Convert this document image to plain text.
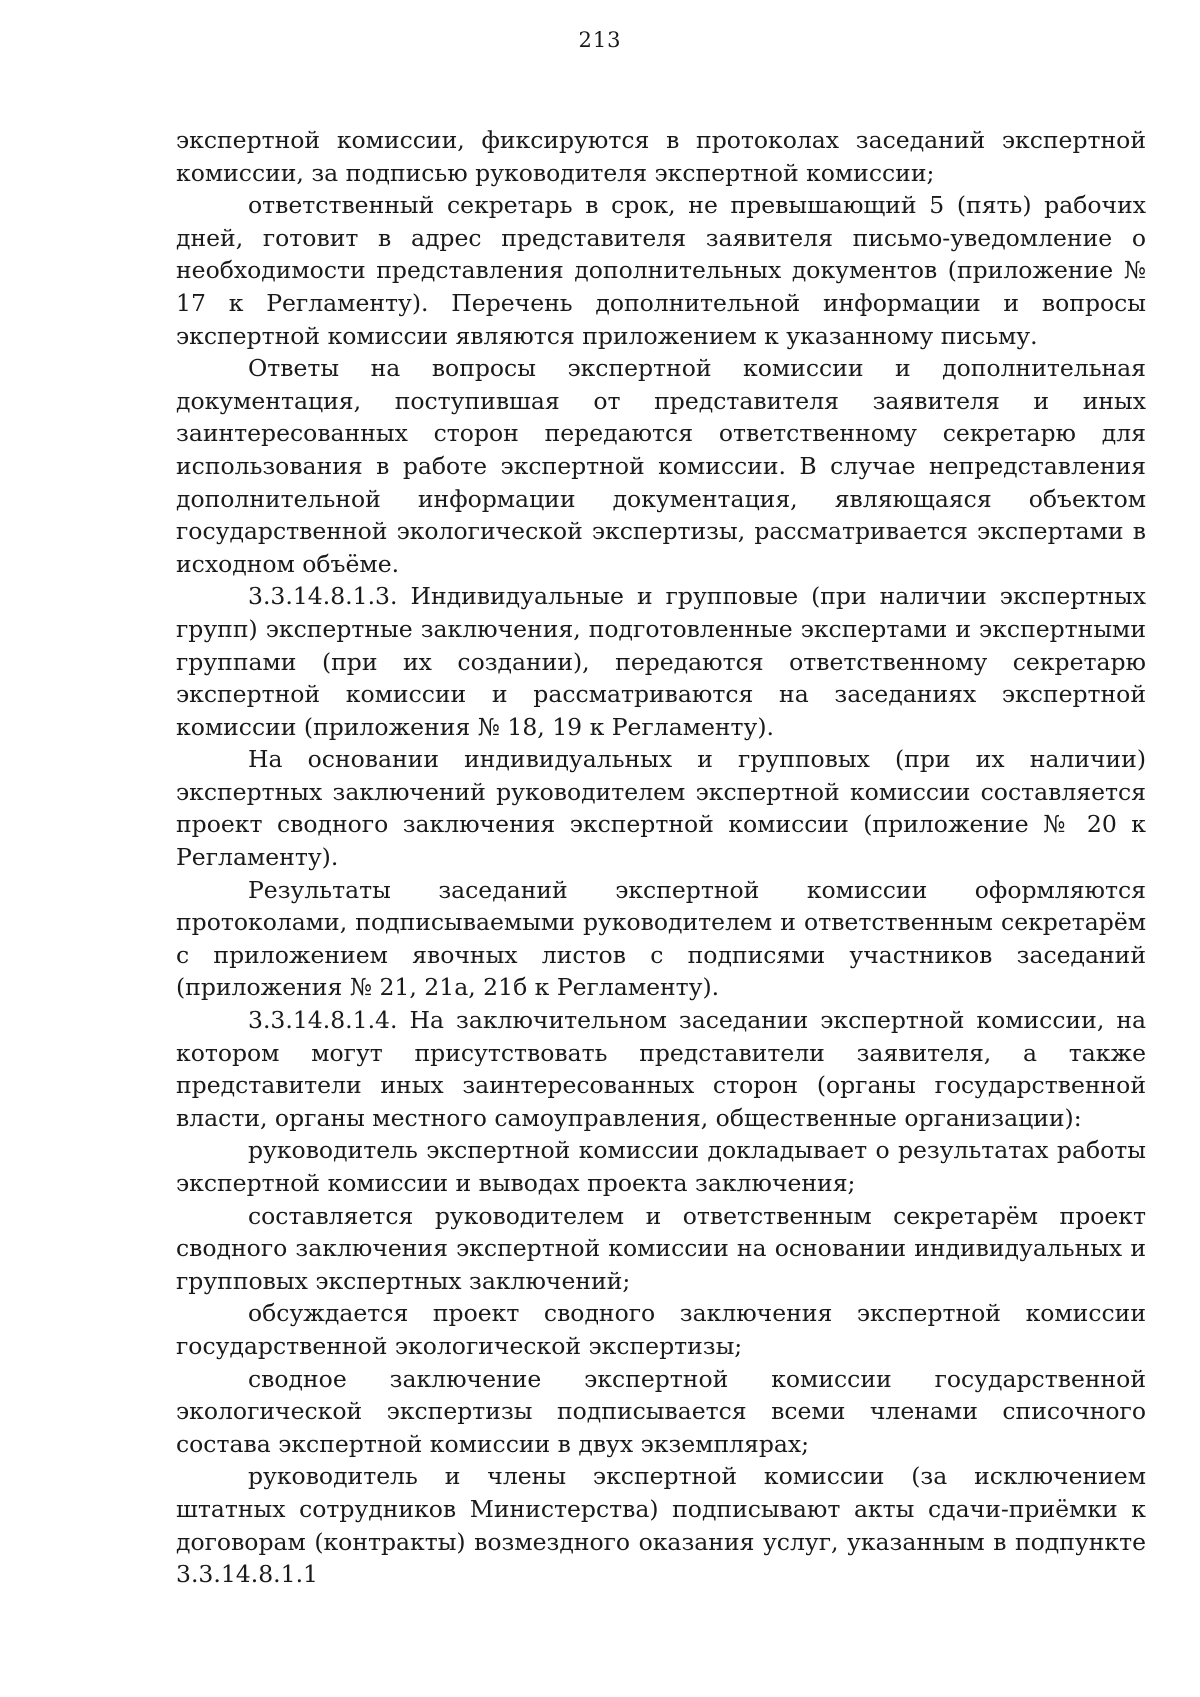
213

экспертной комиссии, фиксируются в протоколах заседаний экспертной комиссии, за подписью руководителя экспертной комиссии;

ответственный секретарь в срок, не превышающий 5 (пять) рабочих дней, готовит в адрес представителя заявителя письмо-уведомление о необходимости представления дополнительных документов (приложение № 17 к Регламенту). Перечень дополнительной информации и вопросы экспертной комиссии являются приложением к указанному письму.

Ответы на вопросы экспертной комиссии и дополнительная документация, поступившая от представителя заявителя и иных заинтересованных сторон передаются ответственному секретарю для использования в работе экспертной комиссии. В случае непредставления дополнительной информации документация, являющаяся объектом государственной экологической экспертизы, рассматривается экспертами в исходном объёме.

3.3.14.8.1.3. Индивидуальные и групповые (при наличии экспертных групп) экспертные заключения, подготовленные экспертами и экспертными группами (при их создании), передаются ответственному секретарю экспертной комиссии и рассматриваются на заседаниях экспертной комиссии (приложения № 18, 19 к Регламенту).

На основании индивидуальных и групповых (при их наличии) экспертных заключений руководителем экспертной комиссии составляется проект сводного заключения экспертной комиссии (приложение № 20 к Регламенту).

Результаты заседаний экспертной комиссии оформляются протоколами, подписываемыми руководителем и ответственным секретарём с приложением явочных листов с подписями участников заседаний (приложения № 21, 21а, 21б к Регламенту).

3.3.14.8.1.4. На заключительном заседании экспертной комиссии, на котором могут присутствовать представители заявителя, а также представители иных заинтересованных сторон (органы государственной власти, органы местного самоуправления, общественные организации):

руководитель экспертной комиссии докладывает о результатах работы экспертной комиссии и выводах проекта заключения;

составляется руководителем и ответственным секретарём проект сводного заключения экспертной комиссии на основании индивидуальных и групповых экспертных заключений;

обсуждается проект сводного заключения экспертной комиссии государственной экологической экспертизы;

сводное заключение экспертной комиссии государственной экологической экспертизы подписывается всеми членами списочного состава экспертной комиссии в двух экземплярах;

руководитель и члены экспертной комиссии (за исключением штатных сотрудников Министерства) подписывают акты сдачи-приёмки к договорам (контракты) возмездного оказания услуг, указанным в подпункте 3.3.14.8.1.1
